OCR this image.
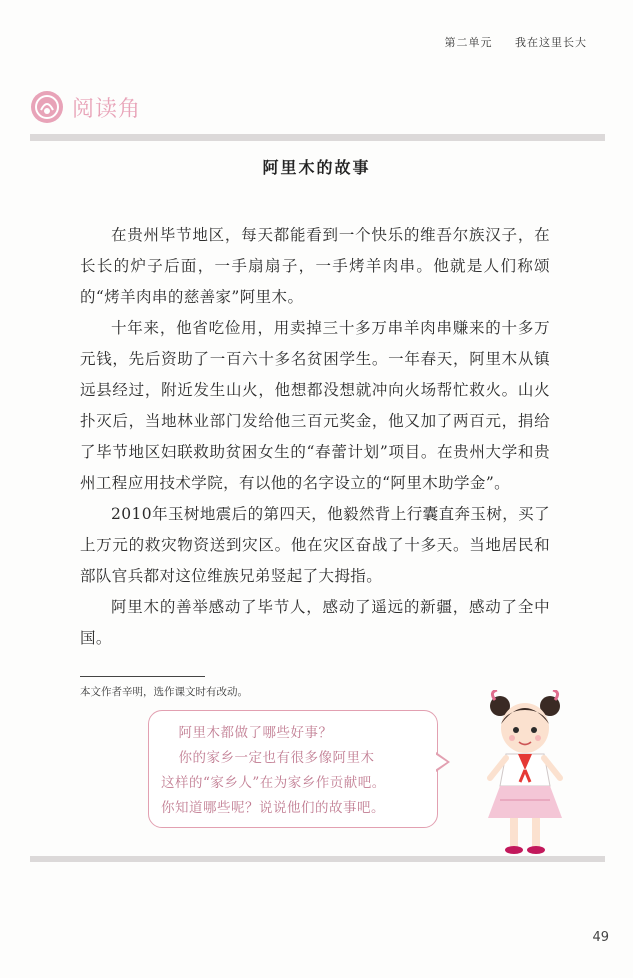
第二单元 我在这里长大
阅读角
阿里木的故事

在贵州毕节地区，每天都能看到一个快乐的维吾尔族汉子，在长长的炉子后面，一手扇扇子，一手烤羊肉串。他就是人们称颂的“烤羊肉串的慈善家”阿里木。

十年来，他省吃俭用，用卖掉三十多万串羊肉串赚来的十多万元钱，先后资助了一百六十多名贫困学生。一年春天，阿里木从镇远县经过，附近发生山火，他想都没想就冲向火场帮忙救火。山火扑灭后，当地林业部门发给他三百元奖金，他又加了两百元，捐给了毕节地区妇联救助贫困女生的“春蕾计划”项目。在贵州大学和贵州工程应用技术学院，有以他的名字设立的“阿里木助学金”。

2010年玉树地震后的第四天，他毅然背上行囊直奔玉树，买了上万元的救灾物资送到灾区。他在灾区奋战了十多天。当地居民和部队官兵都对这位维族兄弟竖起了大拇指。

阿里木的善举感动了毕节人，感动了遥远的新疆，感动了全中国。

本文作者辛明，选作课文时有改动。

阿里木都做了哪些好事？

你的家乡一定也有很多像阿里木

这样的“家乡人”在为家乡作贡献吧。

你知道哪些呢？说说他们的故事吧。

49
